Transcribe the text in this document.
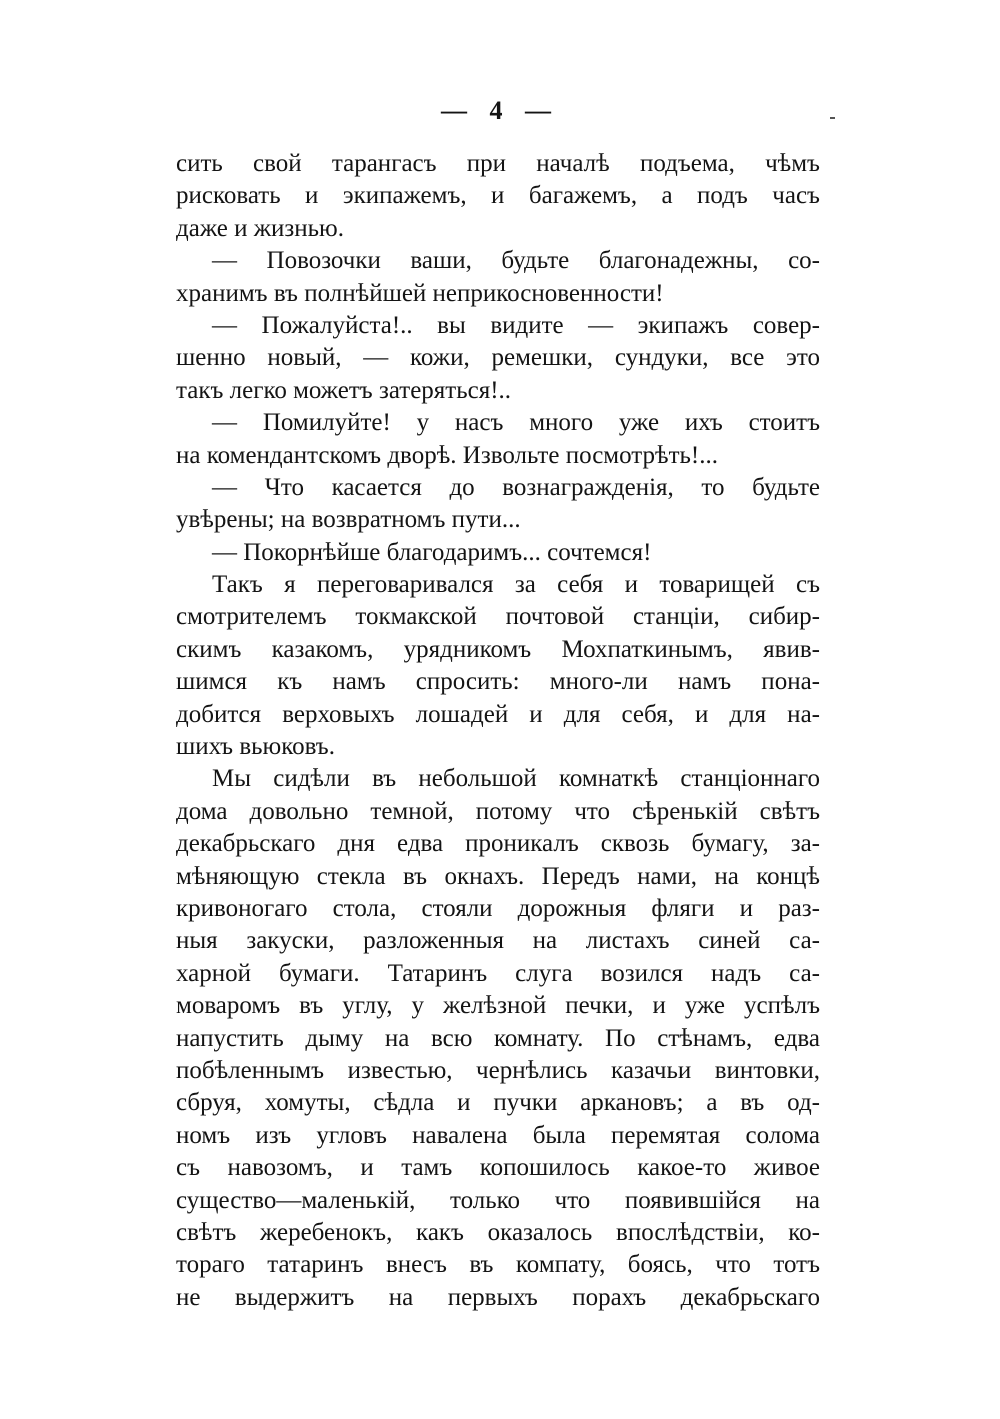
— 4 —
сить свой тарангасъ при началѣ подъема, чѣмъ
рисковать и экипажемъ, и багажемъ, а подъ часъ
даже и жизнью.
— Повозочки ваши, будьте благонадежны, со-
хранимъ въ полнѣйшей неприкосновенности!
— Пожалуйста!.. вы видите — экипажъ совер-
шенно новый, — кожи, ремешки, сундуки, все это
такъ легко можетъ затеряться!..
— Помилуйте! у насъ много уже ихъ стоитъ
на комендантскомъ дворѣ. Извольте посмотрѣть!...
— Что касается до вознагражденія, то будьте
увѣрены; на возвратномъ пути...
— Покорнѣйше благодаримъ... сочтемся!
Такъ я переговаривался за себя и товарищей съ
смотрителемъ токмакской почтовой станціи, сибир-
скимъ казакомъ, урядникомъ Мохпаткинымъ, явив-
шимся къ намъ спросить: много-ли намъ пона-
добится верховыхъ лошадей и для себя, и для на-
шихъ вьюковъ.
Мы сидѣли въ небольшой комнаткѣ станціоннаго
дома довольно темной, потому что сѣренькій свѣтъ
декабрьскаго дня едва проникалъ сквозь бумагу, за-
мѣняющую стекла въ окнахъ. Передъ нами, на концѣ
кривоногаго стола, стояли дорожныя фляги и раз-
ныя закуски, разложенныя на листахъ синей са-
харной бумаги. Татаринъ слуга возился надъ са-
моваромъ въ углу, у желѣзной печки, и уже успѣлъ
напустить дыму на всю комнату. По стѣнамъ, едва
побѣленнымъ известью, чернѣлись казачьи винтовки,
сбруя, хомуты, сѣдла и пучки аркановъ; а въ од-
номъ изъ угловъ навалена была перемятая солома
съ навозомъ, и тамъ копошилось какое-то живое
существо—маленькій, только что появившійся на
свѣтъ жеребенокъ, какъ оказалось впослѣдствіи, ко-
тораго татаринъ внесъ въ компату, боясь, что тотъ
не выдержитъ на первыхъ порахъ декабрьскаго
